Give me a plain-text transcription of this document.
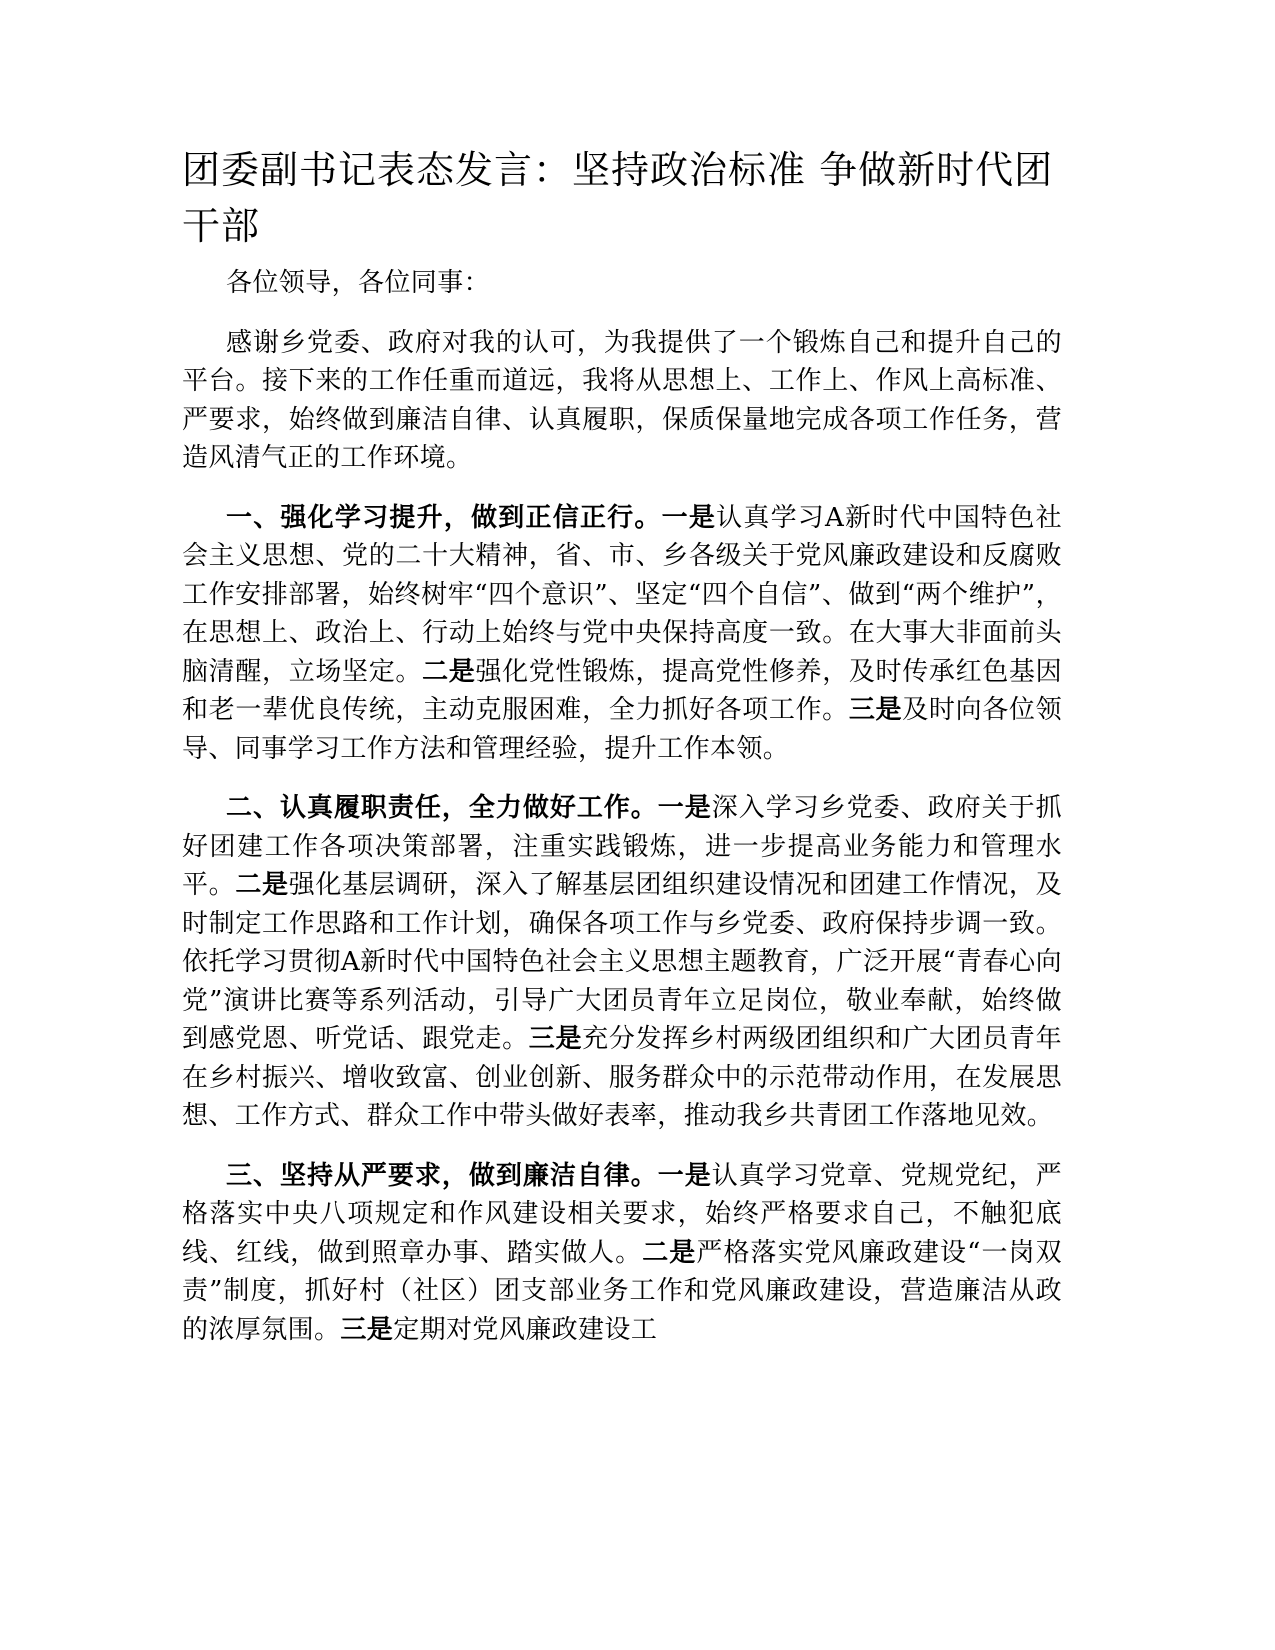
团委副书记表态发言：坚持政治标准 争做新时代团干部

各位领导，各位同事：

感谢乡党委、政府对我的认可，为我提供了一个锻炼自己和提升自己的平台。接下来的工作任重而道远，我将从思想上、工作上、作风上高标准、严要求，始终做到廉洁自律、认真履职，保质保量地完成各项工作任务，营造风清气正的工作环境。

一、强化学习提升，做到正信正行。一是认真学习A新时代中国特色社会主义思想、党的二十大精神，省、市、乡各级关于党风廉政建设和反腐败工作安排部署，始终树牢“四个意识”、坚定“四个自信”、做到“两个维护”，在思想上、政治上、行动上始终与党中央保持高度一致。在大事大非面前头脑清醒，立场坚定。二是强化党性锻炼，提高党性修养，及时传承红色基因和老一辈优良传统，主动克服困难，全力抓好各项工作。三是及时向各位领导、同事学习工作方法和管理经验，提升工作本领。

二、认真履职责任，全力做好工作。一是深入学习乡党委、政府关于抓好团建工作各项决策部署，注重实践锻炼，进一步提高业务能力和管理水平。二是强化基层调研，深入了解基层团组织建设情况和团建工作情况，及时制定工作思路和工作计划，确保各项工作与乡党委、政府保持步调一致。依托学习贯彻A新时代中国特色社会主义思想主题教育，广泛开展“青春心向党”演讲比赛等系列活动，引导广大团员青年立足岗位，敬业奉献，始终做到感党恩、听党话、跟党走。三是充分发挥乡村两级团组织和广大团员青年在乡村振兴、增收致富、创业创新、服务群众中的示范带动作用，在发展思想、工作方式、群众工作中带头做好表率，推动我乡共青团工作落地见效。

三、坚持从严要求，做到廉洁自律。一是认真学习党章、党规党纪，严格落实中央八项规定和作风建设相关要求，始终严格要求自己，不触犯底线、红线，做到照章办事、踏实做人。二是严格落实党风廉政建设“一岗双责”制度，抓好村（社区）团支部业务工作和党风廉政建设，营造廉洁从政的浓厚氛围。三是定期对党风廉政建设工
